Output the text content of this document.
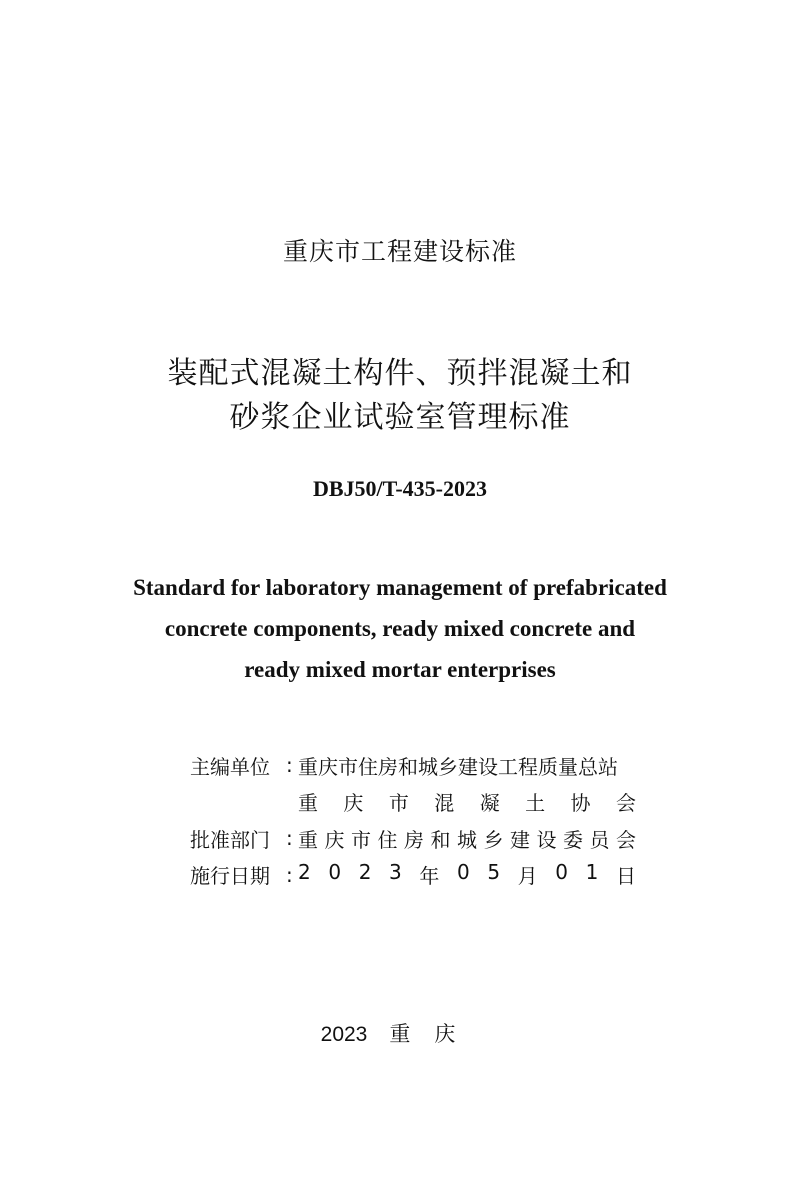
重庆市工程建设标准
装配式混凝土构件、预拌混凝土和
砂浆企业试验室管理标准
DBJ50/T-435-2023
Standard for laboratory management of prefabricated
concrete components, ready mixed concrete and
ready mixed mortar enterprises
主编单位 : 重庆市住房和城乡建设工程质量总站
重 庆 市 混 凝 土 协 会
批准部门 : 重 庆 市 住 房 和 城 乡 建 设 委 员 会
施行日期 : 2 0 2 3 年 0 5 月 0 1 日
2023 重庆
